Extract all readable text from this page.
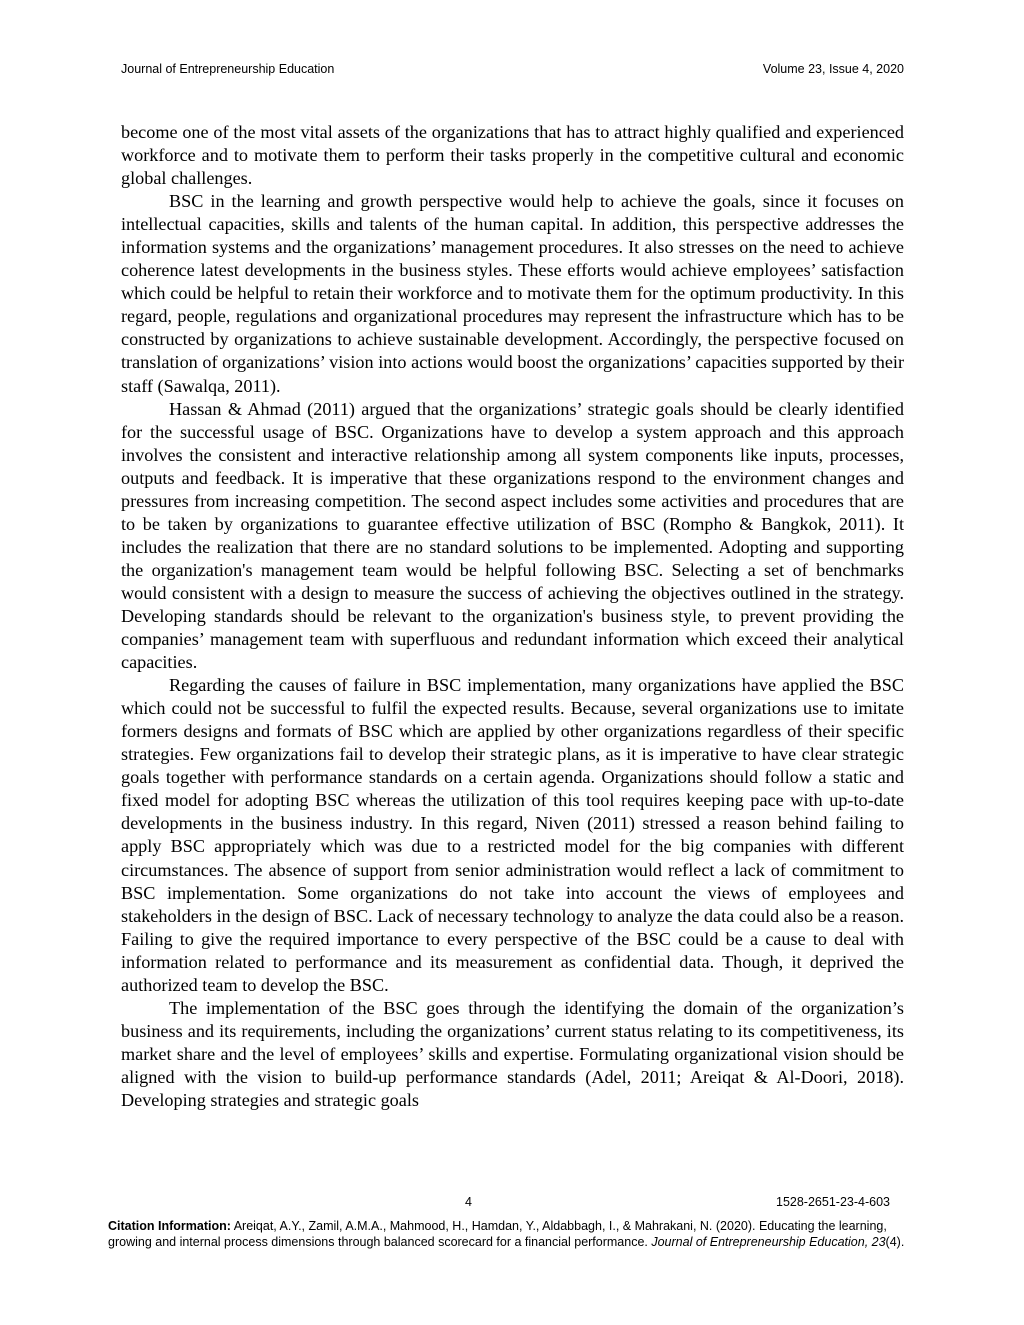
Journal of Entrepreneurship Education	Volume 23, Issue 4, 2020

become one of the most vital assets of the organizations that has to attract highly qualified and experienced workforce and to motivate them to perform their tasks properly in the competitive cultural and economic global challenges.

BSC in the learning and growth perspective would help to achieve the goals, since it focuses on intellectual capacities, skills and talents of the human capital. In addition, this perspective addresses the information systems and the organizations’ management procedures. It also stresses on the need to achieve coherence latest developments in the business styles. These efforts would achieve employees’ satisfaction which could be helpful to retain their workforce and to motivate them for the optimum productivity. In this regard, people, regulations and organizational procedures may represent the infrastructure which has to be constructed by organizations to achieve sustainable development. Accordingly, the perspective focused on translation of organizations’ vision into actions would boost the organizations’ capacities supported by their staff (Sawalqa, 2011).

Hassan & Ahmad (2011) argued that the organizations’ strategic goals should be clearly identified for the successful usage of BSC. Organizations have to develop a system approach and this approach involves the consistent and interactive relationship among all system components like inputs, processes, outputs and feedback. It is imperative that these organizations respond to the environment changes and pressures from increasing competition. The second aspect includes some activities and procedures that are to be taken by organizations to guarantee effective utilization of BSC (Rompho & Bangkok, 2011). It includes the realization that there are no standard solutions to be implemented. Adopting and supporting the organization's management team would be helpful following BSC. Selecting a set of benchmarks would consistent with a design to measure the success of achieving the objectives outlined in the strategy. Developing standards should be relevant to the organization's business style, to prevent providing the companies’ management team with superfluous and redundant information which exceed their analytical capacities.

Regarding the causes of failure in BSC implementation, many organizations have applied the BSC which could not be successful to fulfil the expected results. Because, several organizations use to imitate formers designs and formats of BSC which are applied by other organizations regardless of their specific strategies. Few organizations fail to develop their strategic plans, as it is imperative to have clear strategic goals together with performance standards on a certain agenda. Organizations should follow a static and fixed model for adopting BSC whereas the utilization of this tool requires keeping pace with up-to-date developments in the business industry. In this regard, Niven (2011) stressed a reason behind failing to apply BSC appropriately which was due to a restricted model for the big companies with different circumstances. The absence of support from senior administration would reflect a lack of commitment to BSC implementation. Some organizations do not take into account the views of employees and stakeholders in the design of BSC. Lack of necessary technology to analyze the data could also be a reason. Failing to give the required importance to every perspective of the BSC could be a cause to deal with information related to performance and its measurement as confidential data. Though, it deprived the authorized team to develop the BSC.

The implementation of the BSC goes through the identifying the domain of the organization’s business and its requirements, including the organizations’ current status relating to its competitiveness, its market share and the level of employees’ skills and expertise. Formulating organizational vision should be aligned with the vision to build-up performance standards (Adel, 2011; Areiqat & Al-Doori, 2018). Developing strategies and strategic goals

4	1528-2651-23-4-603
Citation Information: Areiqat, A.Y., Zamil, A.M.A., Mahmood, H., Hamdan, Y., Aldabbagh, I., & Mahrakani, N. (2020). Educating the learning, growing and internal process dimensions through balanced scorecard for a financial performance. Journal of Entrepreneurship Education, 23(4).
